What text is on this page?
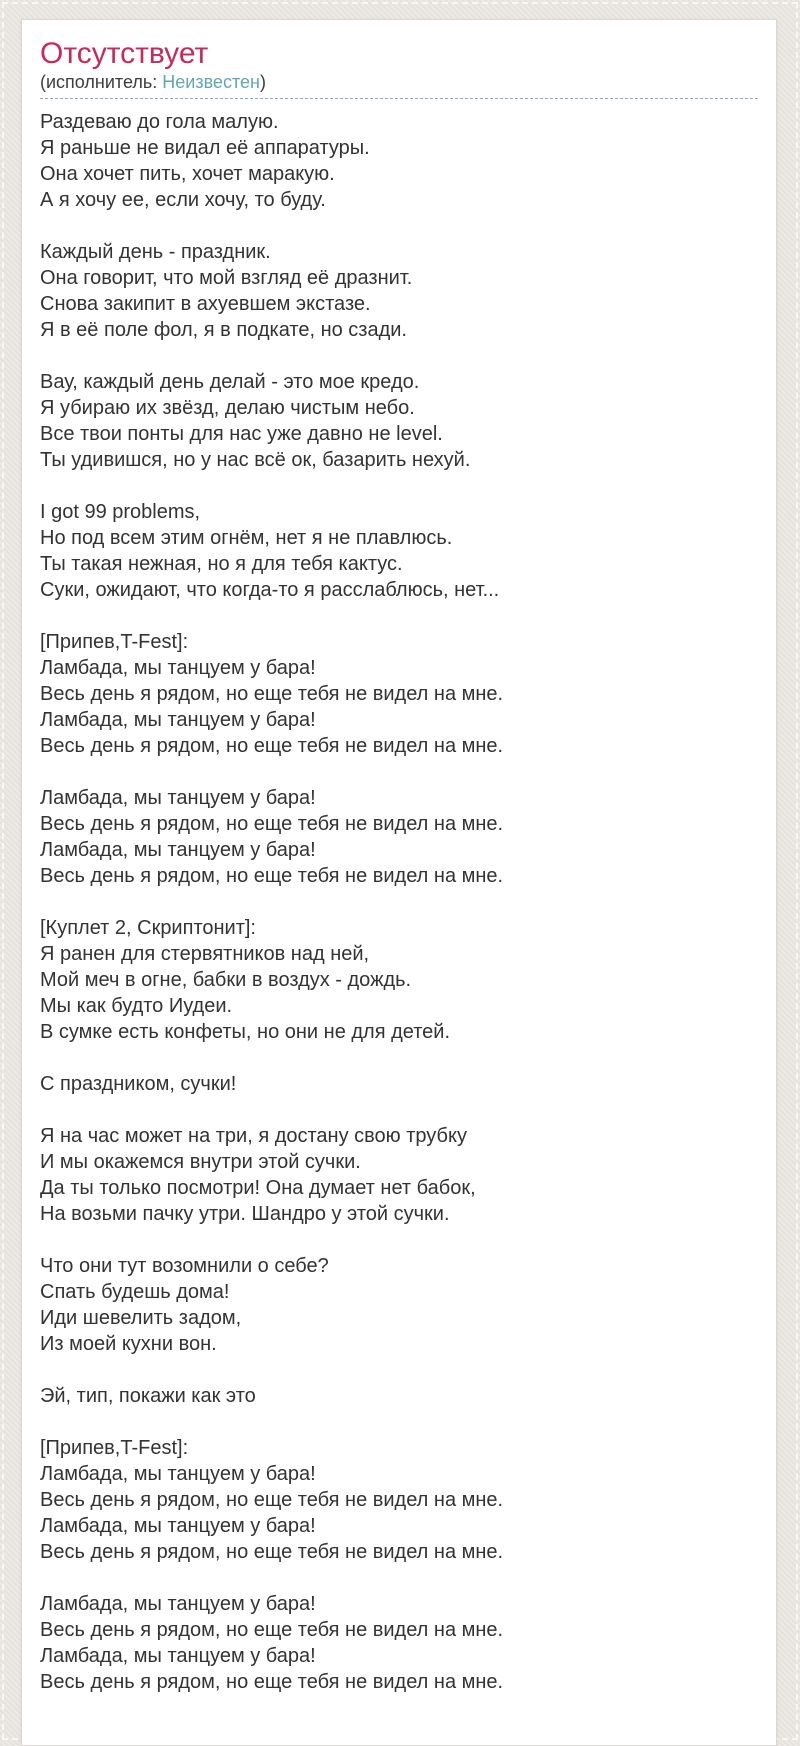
Отсутствует
(исполнитель: Неизвестен)

Раздеваю до гола малую.
Я раньше не видал её аппаратуры.
Она хочет пить, хочет маракую.
А я хочу ее, если хочу, то буду.

Каждый день - праздник.
Она говорит, что мой взгляд её дразнит.
Снова закипит в ахуевшем экстазе.
Я в её поле фол, я в подкате, но сзади.

Вау, каждый день делай - это мое кредо.
Я убираю их звёзд, делаю чистым небо.
Все твои понты для нас уже давно не level.
Ты удивишся, но у нас всё ок, базарить нехуй.

I got 99 problems,
Но под всем этим огнём, нет я не плавлюсь.
Ты такая нежная, но я для тебя кактус.
Суки, ожидают, что когда-то я расслаблюсь, нет...

[Припев,T-Fest]:
Ламбада, мы танцуем у бара!
Весь день я рядом, но еще тебя не видел на мне.
Ламбада, мы танцуем у бара!
Весь день я рядом, но еще тебя не видел на мне.

Ламбада, мы танцуем у бара!
Весь день я рядом, но еще тебя не видел на мне.
Ламбада, мы танцуем у бара!
Весь день я рядом, но еще тебя не видел на мне.

[Куплет 2, Скриптонит]:
Я ранен для стервятников над ней,
Мой меч в огне, бабки в воздух - дождь.
Мы как будто Иудеи.
В сумке есть конфеты, но они не для детей.

С праздником, сучки!

Я на час может на три, я достану свою трубку
И мы окажемся внутри этой сучки.
Да ты только посмотри! Она думает нет бабок,
На возьми пачку утри. Шандро у этой сучки.

Что они тут возомнили о себе?
Спать будешь дома!
Иди шевелить задом,
Из моей кухни вон.

Эй, тип, покажи как это

[Припев,T-Fest]:
Ламбада, мы танцуем у бара!
Весь день я рядом, но еще тебя не видел на мне.
Ламбада, мы танцуем у бара!
Весь день я рядом, но еще тебя не видел на мне.

Ламбада, мы танцуем у бара!
Весь день я рядом, но еще тебя не видел на мне.
Ламбада, мы танцуем у бара!
Весь день я рядом, но еще тебя не видел на мне.
